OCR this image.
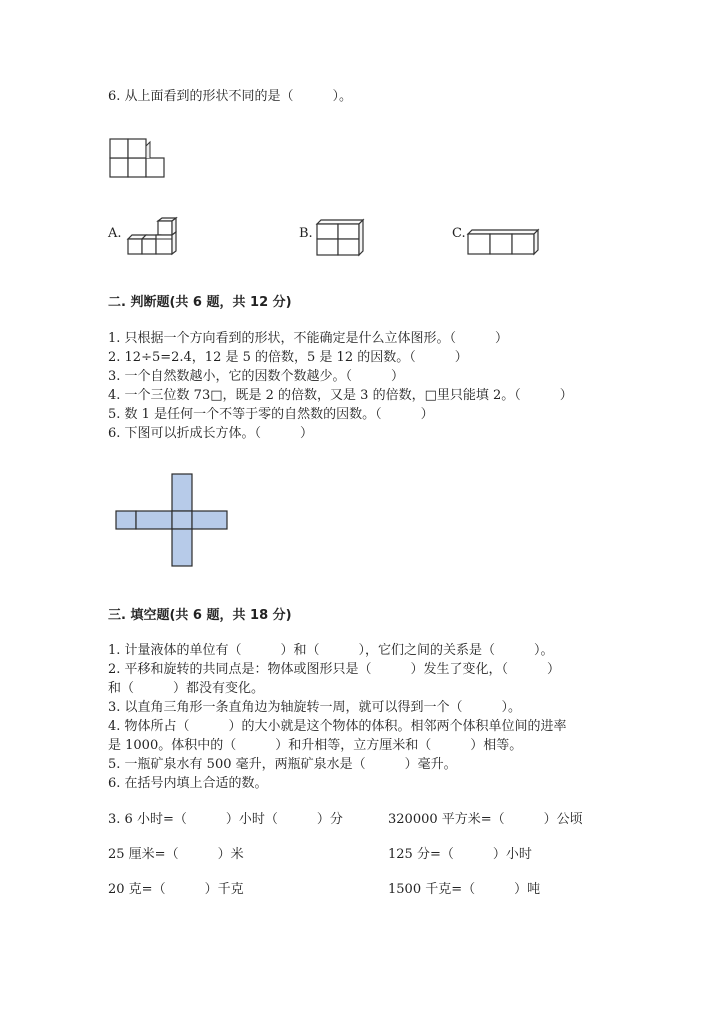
6. 从上面看到的形状不同的是（　　　）。
A.	B.	C.
二. 判断题(共 6 题，共 12 分)
1. 只根据一个方向看到的形状，不能确定是什么立体图形。（　　　）
2. 12÷5=2.4，12 是 5 的倍数，5 是 12 的因数。（　　　）
3. 一个自然数越小，它的因数个数越少。（　　　）
4. 一个三位数 73□，既是 2 的倍数，又是 3 的倍数，□里只能填 2。（　　　）
5. 数 1 是任何一个不等于零的自然数的因数。（　　　）
6. 下图可以折成长方体。（　　　）
三. 填空题(共 6 题，共 18 分)
1. 计量液体的单位有（　　　）和（　　　），它们之间的关系是（　　　）。
2. 平移和旋转的共同点是：物体或图形只是（　　　）发生了变化，（　　　）
和（　　　）都没有变化。
3. 以直角三角形一条直角边为轴旋转一周，就可以得到一个（　　　）。
4. 物体所占（　　　）的大小就是这个物体的体积。相邻两个体积单位间的进率
是 1000。体积中的（　　　）和升相等，立方厘米和（　　　）相等。
5. 一瓶矿泉水有 500 毫升，两瓶矿泉水是（　　　）毫升。
6. 在括号内填上合适的数。
3. 6 小时=（　　　）小时（　　　）分	320000 平方米=（　　　）公顷
25 厘米=（　　　）米	125 分=（　　　）小时
20 克=（　　　）千克	1500 千克=（　　　）吨
